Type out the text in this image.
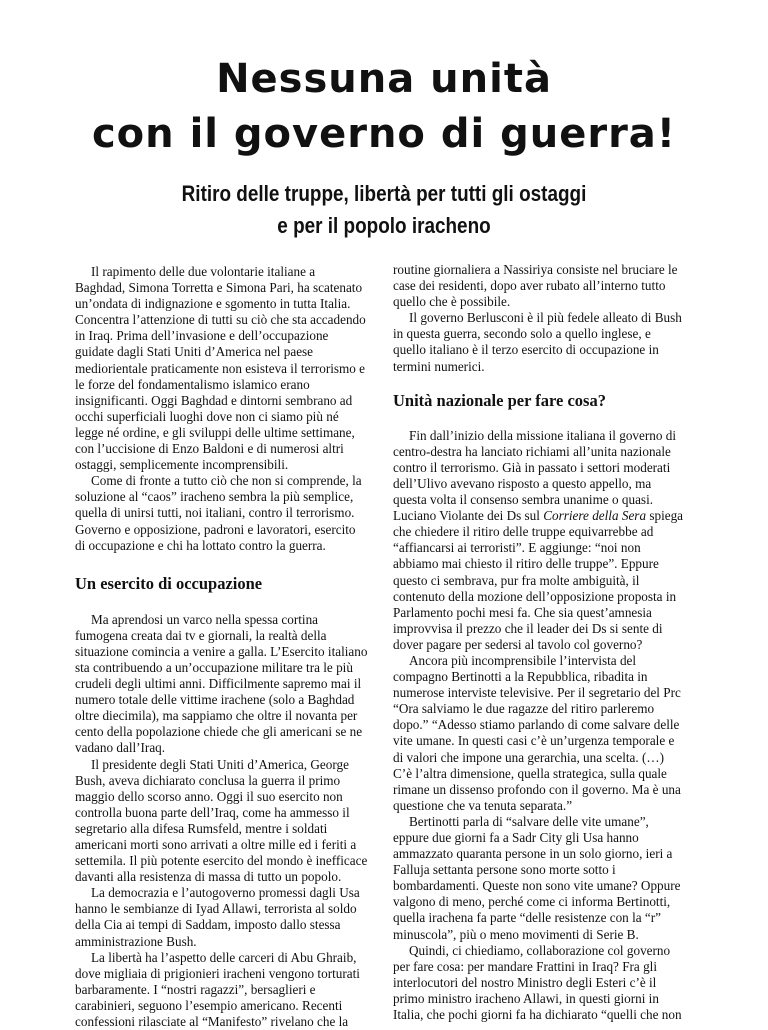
Nessuna unità
con il governo di guerra!
Ritiro delle truppe, libertà per tutti gli ostaggi
e per il popolo iracheno
Il rapimento delle due volontarie italiane a
Baghdad, Simona Torretta e Simona Pari, ha scatenato
un’ondata di indignazione e sgomento in tutta Italia.
Concentra l’attenzione di tutti su ciò che sta accadendo
in Iraq. Prima dell’invasione e dell’occupazione
guidate dagli Stati Uniti d’America nel paese
mediorientale praticamente non esisteva il terrorismo e
le forze del fondamentalismo islamico erano
insignificanti. Oggi Baghdad e dintorni sembrano ad
occhi superficiali luoghi dove non ci siamo più né
legge né ordine, e gli sviluppi delle ultime settimane,
con l’uccisione di Enzo Baldoni e di numerosi altri
ostaggi, semplicemente incomprensibili.
Come di fronte a tutto ciò che non si comprende, la
soluzione al “caos” iracheno sembra la più semplice,
quella di unirsi tutti, noi italiani, contro il terrorismo.
Governo e opposizione, padroni e lavoratori, esercito
di occupazione e chi ha lottato contro la guerra.
Un esercito di occupazione
Ma aprendosi un varco nella spessa cortina
fumogena creata dai tv e giornali, la realtà della
situazione comincia a venire a galla. L’Esercito italiano
sta contribuendo a un’occupazione militare tra le più
crudeli degli ultimi anni. Difficilmente sapremo mai il
numero totale delle vittime irachene (solo a Baghdad
oltre diecimila), ma sappiamo che oltre il novanta per
cento della popolazione chiede che gli americani se ne
vadano dall’Iraq.
Il presidente degli Stati Uniti d’America, George
Bush, aveva dichiarato conclusa la guerra il primo
maggio dello scorso anno. Oggi il suo esercito non
controlla buona parte dell’Iraq, come ha ammesso il
segretario alla difesa Rumsfeld, mentre i soldati
americani morti sono arrivati a oltre mille ed i feriti a
settemila. Il più potente esercito del mondo è inefficace
davanti alla resistenza di massa di tutto un popolo.
La democrazia e l’autogoverno promessi dagli Usa
hanno le sembianze di Iyad Allawi, terrorista al soldo
della Cia ai tempi di Saddam, imposto dallo stessa
amministrazione Bush.
La libertà ha l’aspetto delle carceri di Abu Ghraib,
dove migliaia di prigionieri iracheni vengono torturati
barbaramente. I “nostri ragazzi”, bersaglieri e
carabinieri, seguono l’esempio americano. Recenti
confessioni rilasciate al “Manifesto” rivelano che la
routine giornaliera a Nassiriya consiste nel bruciare le
case dei residenti, dopo aver rubato all’interno tutto
quello che è possibile.
Il governo Berlusconi è il più fedele alleato di Bush
in questa guerra, secondo solo a quello inglese, e
quello italiano è il terzo esercito di occupazione in
termini numerici.
Unità nazionale per fare cosa?
Fin dall’inizio della missione italiana il governo di
centro-destra ha lanciato richiami all’unita nazionale
contro il terrorismo. Già in passato i settori moderati
dell’Ulivo avevano risposto a questo appello, ma
questa volta il consenso sembra unanime o quasi.
Luciano Violante dei Ds sul Corriere della Sera spiega
che chiedere il ritiro delle truppe equivarrebbe ad
“affiancarsi ai terroristi”. E aggiunge: “noi non
abbiamo mai chiesto il ritiro delle truppe”. Eppure
questo ci sembrava, pur fra molte ambiguità, il
contenuto della mozione dell’opposizione proposta in
Parlamento pochi mesi fa. Che sia quest’amnesia
improvvisa il prezzo che il leader dei Ds si sente di
dover pagare per sedersi al tavolo col governo?
Ancora più incomprensibile l’intervista del
compagno Bertinotti a la Repubblica, ribadita in
numerose interviste televisive. Per il segretario del Prc
“Ora salviamo le due ragazze del ritiro parleremo
dopo.” “Adesso stiamo parlando di come salvare delle
vite umane. In questi casi c’è un’urgenza temporale e
di valori che impone una gerarchia, una scelta. (…)
C’è l’altra dimensione, quella strategica, sulla quale
rimane un dissenso profondo con il governo. Ma è una
questione che va tenuta separata.”
Bertinotti parla di “salvare delle vite umane”,
eppure due giorni fa a Sadr City gli Usa hanno
ammazzato quaranta persone in un solo giorno, ieri a
Falluja settanta persone sono morte sotto i
bombardamenti. Queste non sono vite umane? Oppure
valgono di meno, perché come ci informa Bertinotti,
quella irachena fa parte “delle resistenze con la “r”
minuscola”, più o meno movimenti di Serie B.
Quindi, ci chiediamo, collaborazione col governo
per fare cosa: per mandare Frattini in Iraq? Fra gli
interlocutori del nostro Ministro degli Esteri c’è il
primo ministro iracheno Allawi, in questi giorni in
Italia, che pochi giorni fa ha dichiarato “quelli che non
